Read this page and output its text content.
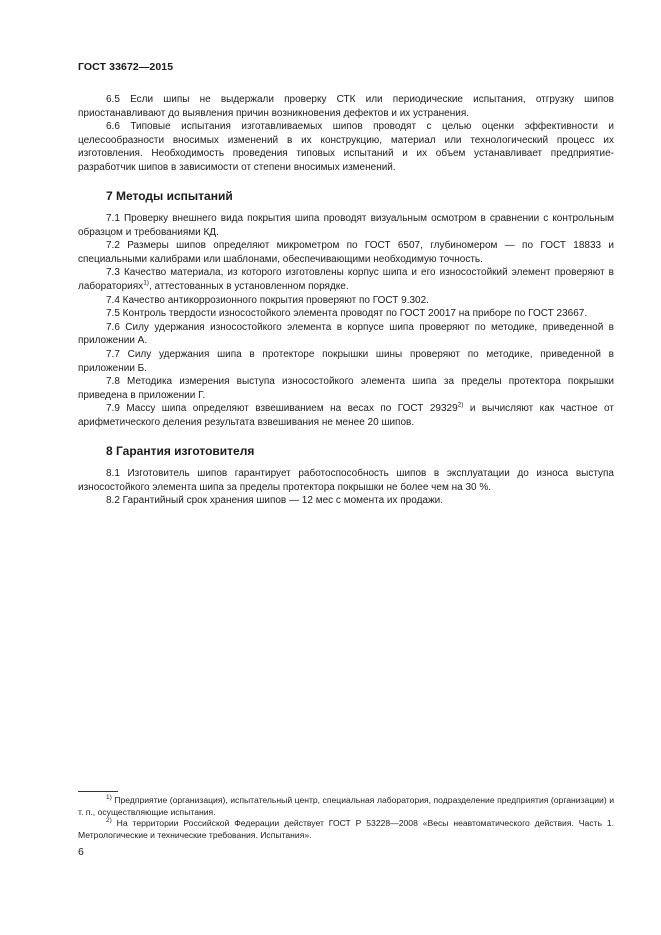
ГОСТ 33672—2015

6.5 Если шипы не выдержали проверку СТК или периодические испытания, отгрузку шипов приостанавливают до выявления причин возникновения дефектов и их устранения.

6.6 Типовые испытания изготавливаемых шипов проводят с целью оценки эффективности и целесообразности вносимых изменений в их конструкцию, материал или технологический процесс их изготовления. Необходимость проведения типовых испытаний и их объем устанавливает предприятие-разработчик шипов в зависимости от степени вносимых изменений.

7 Методы испытаний

7.1 Проверку внешнего вида покрытия шипа проводят визуальным осмотром в сравнении с контрольным образцом и требованиями КД.

7.2 Размеры шипов определяют микрометром по ГОСТ 6507, глубиномером — по ГОСТ 18833 и специальными калибрами или шаблонами, обеспечивающими необходимую точность.

7.3 Качество материала, из которого изготовлены корпус шипа и его износостойкий элемент проверяют в лабораториях$^{1)}$, аттестованных в установленном порядке.

7.4 Качество антикоррозионного покрытия проверяют по ГОСТ 9.302.

7.5 Контроль твердости износостойкого элемента проводят по ГОСТ 20017 на приборе по ГОСТ 23667.

7.6 Силу удержания износостойкого элемента в корпусе шипа проверяют по методике, приведенной в приложении А.

7.7 Силу удержания шипа в протекторе покрышки шины проверяют по методике, приведенной в приложении Б.

7.8 Методика измерения выступа износостойкого элемента шипа за пределы протектора покрышки приведена в приложении Г.

7.9 Массу шипа определяют взвешиванием на весах по ГОСТ 29329$^{2)}$ и вычисляют как частное от арифметического деления результата взвешивания не менее 20 шипов.

8 Гарантия изготовителя

8.1 Изготовитель шипов гарантирует работоспособность шипов в эксплуатации до износа выступа износостойкого элемента шипа за пределы протектора покрышки не более чем на 30 %.

8.2 Гарантийный срок хранения шипов — 12 мес с момента их продажи.

$^{1)}$ Предприятие (организация), испытательный центр, специальная лаборатория, подразделение предприятия (организации) и т. п., осуществляющие испытания.

$^{2)}$ На территории Российской Федерации действует ГОСТ Р 53228—2008 «Весы неавтоматического действия. Часть 1. Метрологические и технические требования. Испытания».

6
